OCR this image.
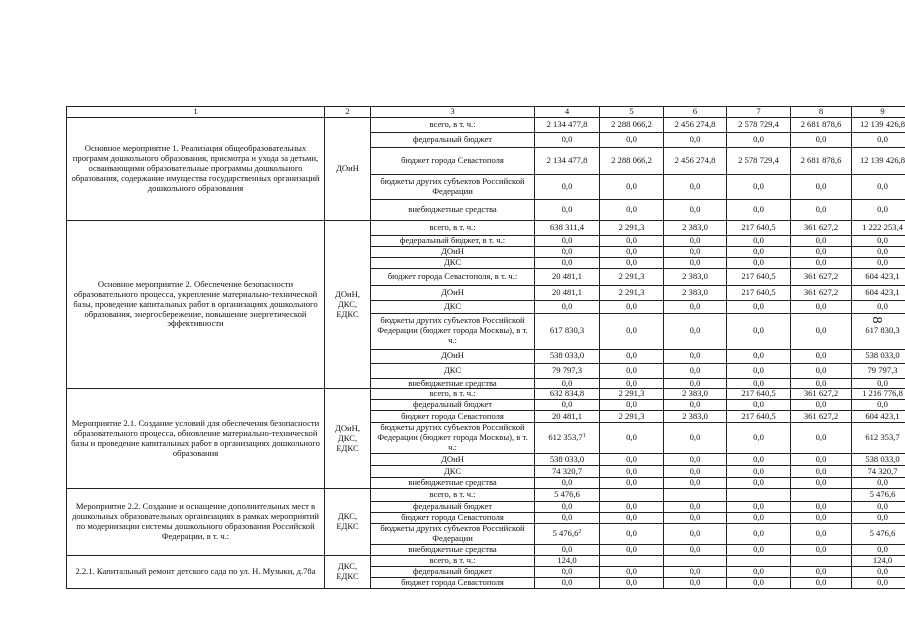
8
1	2	3	4	5	6	7	8	9
Основное мероприятие 1. Реализация общеобразовательных программ дошкольного образования, присмотра и ухода за детьми, осваивающими образовательные программы дошкольного образования, содержание имущества государственных организаций дошкольного образования	ДОиН	всего, в т. ч.:	2 134 477,8	2 288 066,2	2 456 274,8	2 578 729,4	2 681 878,6	12 139 426,8
		федеральный бюджет	0,0	0,0	0,0	0,0	0,0	0,0
		бюджет города Севастополя	2 134 477,8	2 288 066,2	2 456 274,8	2 578 729,4	2 681 878,6	12 139 426,8
		бюджеты других субъектов Российской Федерации	0,0	0,0	0,0	0,0	0,0	0,0
		внебюджетные средства	0,0	0,0	0,0	0,0	0,0	0,0
Основное мероприятие 2. Обеспечение безопасности образовательного процесса, укрепление материально-технической базы, проведение капитальных работ в организациях дошкольного образования, энергосбережение, повышение энергетической эффективности	ДОиН, ДКС, ЕДКС	всего, в т. ч.:	638 311,4	2 291,3	2 383,0	217 640,5	361 627,2	1 222 253,4
		федеральный бюджет, в т. ч.:	0,0	0,0	0,0	0,0	0,0	0,0
		ДОиН	0,0	0,0	0,0	0,0	0,0	0,0
		ДКС	0,0	0,0	0,0	0,0	0,0	0,0
		бюджет города Севастополя, в т. ч.:	20 481,1	2 291,3	2 383,0	217 640,5	361 627,2	604 423,1
		ДОиН	20 481,1	2 291,3	2 383,0	217 640,5	361 627,2	604 423,1
		ДКС	0,0	0,0	0,0	0,0	0,0	0,0
		бюджеты других субъектов Российской Федерации (бюджет города Москвы), в т. ч.:	617 830,3	0,0	0,0	0,0	0,0	617 830,3
		ДОиН	538 033,0	0,0	0,0	0,0	0,0	538 033,0
		ДКС	79 797,3	0,0	0,0	0,0	0,0	79 797,3
		внебюджетные средства	0,0	0,0	0,0	0,0	0,0	0,0
Мероприятие 2.1. Создание условий для обеспечения безопасности образовательного процесса, обновление материально-технической базы и проведение капитальных работ в организациях дошкольного образования	ДОиН, ДКС, ЕДКС	всего, в т. ч.:	632 834,8	2 291,3	2 383,0	217 640,5	361 627,2	1 216 776,8
		федеральный бюджет	0,0	0,0	0,0	0,0	0,0	0,0
		бюджет города Севастополя	20 481,1	2 291,3	2 383,0	217 640,5	361 627,2	604 423,1
		бюджеты других субъектов Российской Федерации (бюджет города Москвы), в т. ч.:	612 353,7$^1$	0,0	0,0	0,0	0,0	612 353,7
		ДОиН	538 033,0	0,0	0,0	0,0	0,0	538 033,0
		ДКС	74 320,7	0,0	0,0	0,0	0,0	74 320,7
		внебюджетные средства	0,0	0,0	0,0	0,0	0,0	0,0
Мероприятие 2.2. Создание и оснащение дополнительных мест в дошкольных образовательных организациях в рамках мероприятий по модернизации системы дошкольного образования Российской Федерации, в т. ч.:	ДКС, ЕДКС	всего, в т. ч.:	5 476,6					5 476,6
		федеральный бюджет	0,0	0,0	0,0	0,0	0,0	0,0
		бюджет города Севастополя	0,0	0,0	0,0	0,0	0,0	0,0
		бюджеты других субъектов Российской Федерации	5 476,6$^2$	0,0	0,0	0,0	0,0	5 476,6
		внебюджетные средства	0,0	0,0	0,0	0,0	0,0	0,0
2.2.1. Капитальный ремонт детского сада по ул. Н. Музыки, д.78а	ДКС, ЕДКС	всего, в т. ч.:	124,0					124,0
		федеральный бюджет	0,0	0,0	0,0	0,0	0,0	0,0
		бюджет города Севастополя	0,0	0,0	0,0	0,0	0,0	0,0
